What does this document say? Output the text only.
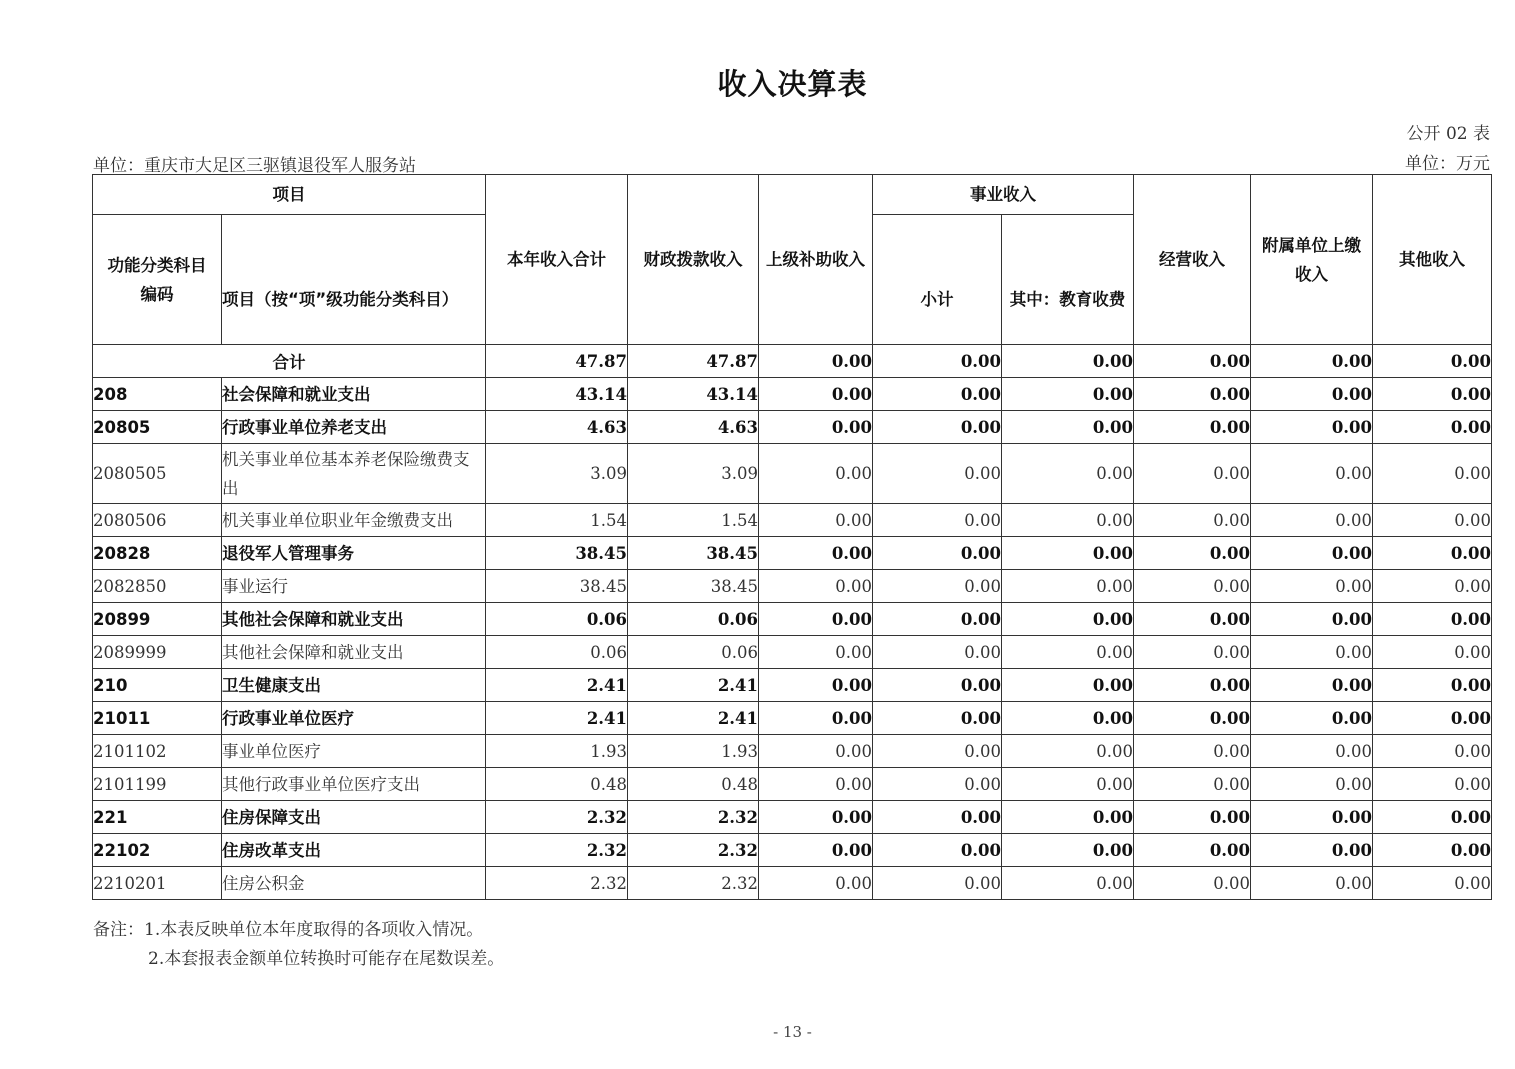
收入决算表
公开 02 表
单位：重庆市大足区三驱镇退役军人服务站	单位：万元
项目		本年收入合计	财政拨款收入	上级补助收入	事业收入		经营收入	附属单位上缴收入	其他收入
功能分类科目编码	项目（按“项”级功能分类科目）				小计	其中：教育收费			
合计		47.87	47.87	0.00	0.00	0.00	0.00	0.00	0.00
208	社会保障和就业支出	43.14	43.14	0.00	0.00	0.00	0.00	0.00	0.00
20805	行政事业单位养老支出	4.63	4.63	0.00	0.00	0.00	0.00	0.00	0.00
2080505	机关事业单位基本养老保险缴费支出	3.09	3.09	0.00	0.00	0.00	0.00	0.00	0.00
2080506	机关事业单位职业年金缴费支出	1.54	1.54	0.00	0.00	0.00	0.00	0.00	0.00
20828	退役军人管理事务	38.45	38.45	0.00	0.00	0.00	0.00	0.00	0.00
2082850	事业运行	38.45	38.45	0.00	0.00	0.00	0.00	0.00	0.00
20899	其他社会保障和就业支出	0.06	0.06	0.00	0.00	0.00	0.00	0.00	0.00
2089999	其他社会保障和就业支出	0.06	0.06	0.00	0.00	0.00	0.00	0.00	0.00
210	卫生健康支出	2.41	2.41	0.00	0.00	0.00	0.00	0.00	0.00
21011	行政事业单位医疗	2.41	2.41	0.00	0.00	0.00	0.00	0.00	0.00
2101102	事业单位医疗	1.93	1.93	0.00	0.00	0.00	0.00	0.00	0.00
2101199	其他行政事业单位医疗支出	0.48	0.48	0.00	0.00	0.00	0.00	0.00	0.00
221	住房保障支出	2.32	2.32	0.00	0.00	0.00	0.00	0.00	0.00
22102	住房改革支出	2.32	2.32	0.00	0.00	0.00	0.00	0.00	0.00
2210201	住房公积金	2.32	2.32	0.00	0.00	0.00	0.00	0.00	0.00
备注：1.本表反映单位本年度取得的各项收入情况。
2.本套报表金额单位转换时可能存在尾数误差。
- 13 -
